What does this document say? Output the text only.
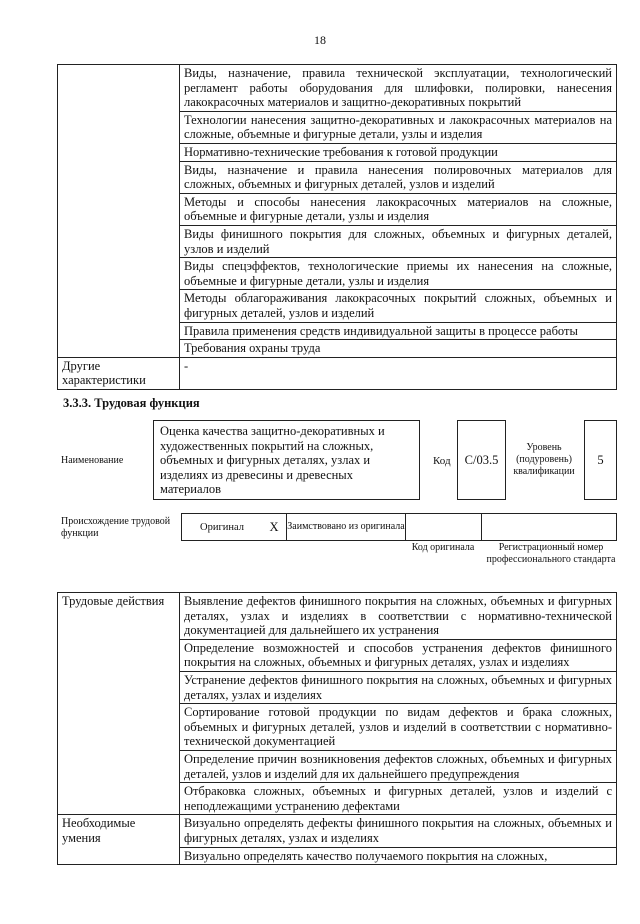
18
	Виды, назначение, правила технической эксплуатации, технологический регламент работы оборудования для шлифовки, полировки, нанесения лакокрасочных материалов и защитно-декоративных покрытий
	Технологии нанесения защитно-декоративных и лакокрасочных материалов на сложные, объемные и фигурные детали, узлы и изделия
	Нормативно-технические требования к готовой продукции
	Виды, назначение и правила нанесения полировочных материалов для сложных, объемных и фигурных деталей, узлов и изделий
	Методы и способы нанесения лакокрасочных материалов на сложные, объемные и фигурные детали, узлы и изделия
	Виды финишного покрытия для сложных, объемных и фигурных деталей, узлов и изделий
	Виды спецэффектов, технологические приемы их нанесения на сложные, объемные и фигурные детали, узлы и изделия
	Методы облагораживания лакокрасочных покрытий сложных, объемных и фигурных деталей, узлов и изделий
	Правила применения средств индивидуальной защиты в процессе работы
	Требования охраны труда
Другие характеристики	-
3.3.3. Трудовая функция
Наименование
Оценка качества защитно-декоративных и художественных покрытий на сложных, объемных и фигурных деталях, узлах и изделиях из древесины и древесных материалов
Код C/03.5
Уровень (подуровень) квалификации
5
Происхождение трудовой функции
Оригинал X Заимствовано из оригинала
Код оригинала	Регистрационный номер профессионального стандарта
Трудовые действия	Выявление дефектов финишного покрытия на сложных, объемных и фигурных деталях, узлах и изделиях в соответствии с нормативно-технической документацией для дальнейшего их устранения
	Определение возможностей и способов устранения дефектов финишного покрытия на сложных, объемных и фигурных деталях, узлах и изделиях
	Устранение дефектов финишного покрытия на сложных, объемных и фигурных деталях, узлах и изделиях
	Сортирование готовой продукции по видам дефектов и брака сложных, объемных и фигурных деталей, узлов и изделий в соответствии с нормативно-технической документацией
	Определение причин возникновения дефектов сложных, объемных и фигурных деталей, узлов и изделий для их дальнейшего предупреждения
	Отбраковка сложных, объемных и фигурных деталей, узлов и изделий с неподлежащими устранению дефектами
Необходимые умения	Визуально определять дефекты финишного покрытия на сложных, объемных и фигурных деталях, узлах и изделиях
	Визуально определять качество получаемого покрытия на сложных,
